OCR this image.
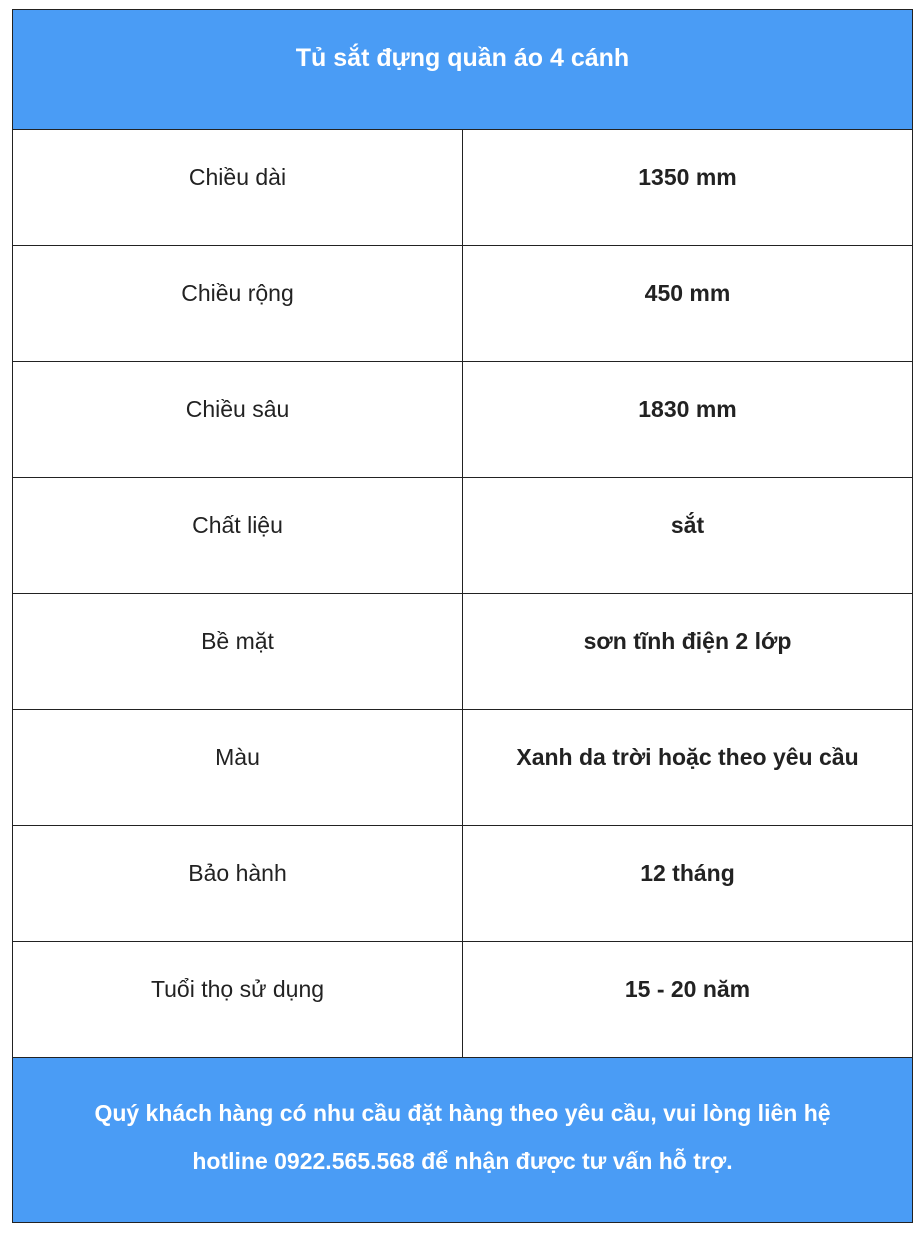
Tủ sắt đựng quần áo 4 cánh	
Chiều dài	1350 mm
Chiều rộng	450 mm
Chiều sâu	1830 mm
Chất liệu	sắt
Bề mặt	sơn tĩnh điện 2 lớp
Màu	Xanh da trời hoặc theo yêu cầu
Bảo hành	12 tháng
Tuổi thọ sử dụng	15 - 20 năm

Quý khách hàng có nhu cầu đặt hàng theo yêu cầu, vui lòng liên hệ
hotline 0922.565.568 để nhận được tư vấn hỗ trợ.	
